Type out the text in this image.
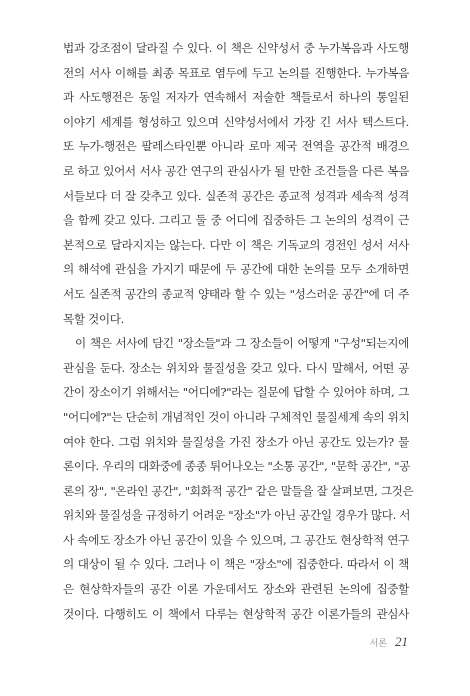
법과 강조점이 달라질 수 있다. 이 책은 신약성서 중 누가복음과 사도행
전의 서사 이해를 최종 목표로 염두에 두고 논의를 진행한다. 누가복음
과 사도행전은 동일 저자가 연속해서 저술한 책들로서 하나의 통일된
이야기 세계를 형성하고 있으며 신약성서에서 가장 긴 서사 텍스트다.
또 누가-행전은 팔레스타인뿐 아니라 로마 제국 전역을 공간적 배경으
로 하고 있어서 서사 공간 연구의 관심사가 될 만한 조건들을 다른 복음
서들보다 더 잘 갖추고 있다. 실존적 공간은 종교적 성격과 세속적 성격
을 함께 갖고 있다. 그리고 둘 중 어디에 집중하든 그 논의의 성격이 근
본적으로 달라지지는 않는다. 다만 이 책은 기독교의 경전인 성서 서사
의 해석에 관심을 가지기 때문에 두 공간에 대한 논의를 모두 소개하면
서도 실존적 공간의 종교적 양태라 할 수 있는 "성스러운 공간"에 더 주
목할 것이다.
이 책은 서사에 담긴 "장소들"과 그 장소들이 어떻게 "구성"되는지에
관심을 둔다. 장소는 위치와 물질성을 갖고 있다. 다시 말해서, 어떤 공
간이 장소이기 위해서는 "어디에?"라는 질문에 답할 수 있어야 하며, 그
"어디에?"는 단순히 개념적인 것이 아니라 구체적인 물질세계 속의 위치
여야 한다. 그럼 위치와 물질성을 가진 장소가 아닌 공간도 있는가? 물
론이다. 우리의 대화중에 종종 튀어나오는 "소통 공간", "문학 공간", "공
론의 장", "온라인 공간", "회화적 공간" 같은 말들을 잘 살펴보면, 그것은
위치와 물질성을 규정하기 어려운 "장소"가 아닌 공간일 경우가 많다. 서
사 속에도 장소가 아닌 공간이 있을 수 있으며, 그 공간도 현상학적 연구
의 대상이 될 수 있다. 그러나 이 책은 "장소"에 집중한다. 따라서 이 책
은 현상학자들의 공간 이론 가운데서도 장소와 관련된 논의에 집중할
것이다. 다행히도 이 책에서 다루는 현상학적 공간 이론가들의 관심사
서론 21
